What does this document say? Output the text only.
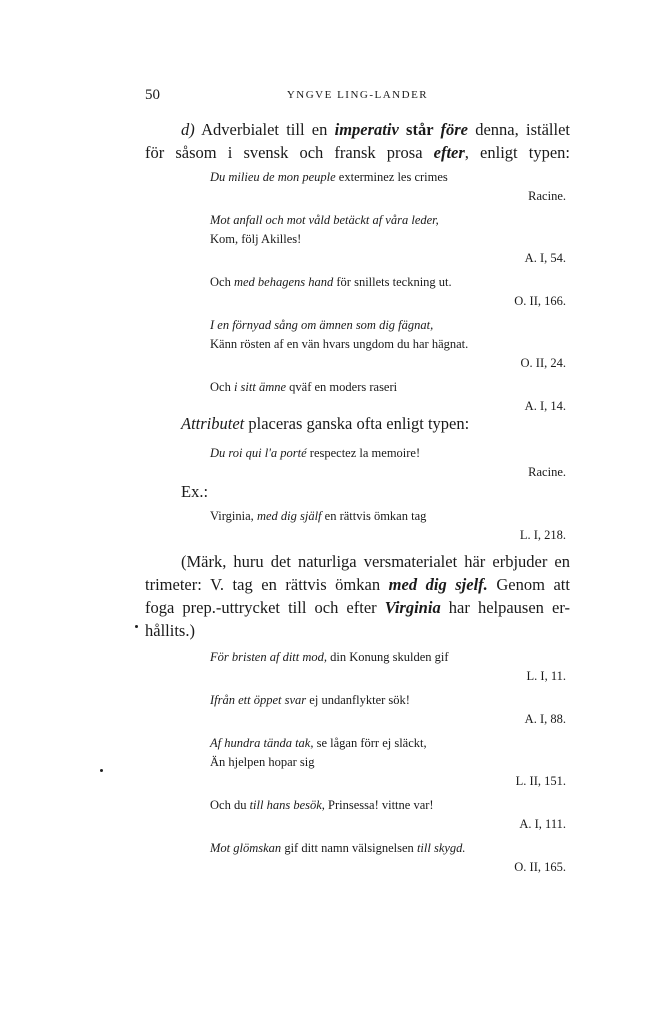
50	YNGVE LING-LANDER
d) Adverbialet till en imperativ står före denna, istället
för såsom i svensk och fransk prosa efter, enligt typen:
Du milieu de mon peuple exterminez les crimes
Racine.
Mot anfall och mot våld betäckt af våra leder,
Kom, följ Akilles!
A. I, 54.
Och med behagens hand för snillets teckning ut.
O. II, 166.
I en förnyad sång om ämnen som dig fägnat,
Känn rösten af en vän hvars ungdom du har hägnat.
O. II, 24.
Och i sitt ämne qväf en moders raseri
A. I, 14.
Attributet placeras ganska ofta enligt typen:
Du roi qui l'a porté respectez la memoire!
Racine.
Ex.:
Virginia, med dig själf en rättvis ömkan tag
L. I, 218.
(Märk, huru det naturliga versmaterialet här erbjuder en
trimeter: V. tag en rättvis ömkan med dig sjelf. Genom att
foga prep.-uttrycket till och efter Virginia har helpausen er-
hållits.)
För bristen af ditt mod, din Konung skulden gif
L. I, 11.
Ifrån ett öppet svar ej undanflykter sök!
A. I, 88.
Af hundra tända tak, se lågan förr ej släckt,
Än hjelpen hopar sig
L. II, 151.
Och du till hans besök, Prinsessa! vittne var!
A. I, 111.
Mot glömskan gif ditt namn välsignelsen till skygd.
O. II, 165.
